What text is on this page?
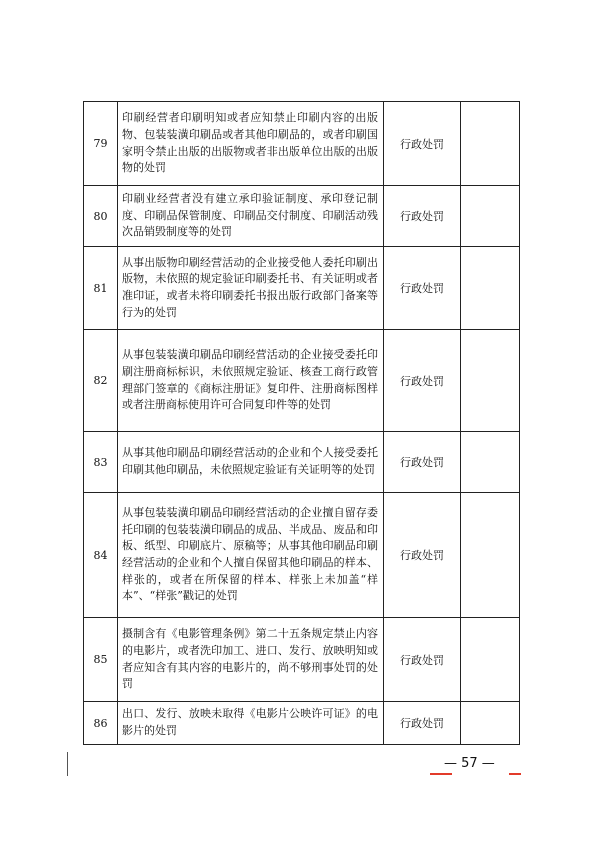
79	印刷经营者印刷明知或者应知禁止印刷内容的出版物、包装装潢印刷品或者其他印刷品的，或者印刷国家明令禁止出版的出版物或者非出版单位出版的出版物的处罚	行政处罚	
80	印刷业经营者没有建立承印验证制度、承印登记制度、印刷品保管制度、印刷品交付制度、印刷活动残次品销毁制度等的处罚	行政处罚	
81	从事出版物印刷经营活动的企业接受他人委托印刷出版物，未依照的规定验证印刷委托书、有关证明或者准印证，或者未将印刷委托书报出版行政部门备案等行为的处罚	行政处罚	
82	从事包装装潢印刷品印刷经营活动的企业接受委托印刷注册商标标识，未依照规定验证、核查工商行政管理部门签章的《商标注册证》复印件、注册商标图样或者注册商标使用许可合同复印件等的处罚	行政处罚	
83	从事其他印刷品印刷经营活动的企业和个人接受委托印刷其他印刷品，未依照规定验证有关证明等的处罚	行政处罚	
84	从事包装装潢印刷品印刷经营活动的企业擅自留存委托印刷的包装装潢印刷品的成品、半成品、废品和印板、纸型、印刷底片、原稿等；从事其他印刷品印刷经营活动的企业和个人擅自保留其他印刷品的样本、样张的，或者在所保留的样本、样张上未加盖“样本”、“样张”戳记的处罚	行政处罚	
85	摄制含有《电影管理条例》第二十五条规定禁止内容的电影片，或者洗印加工、进口、发行、放映明知或者应知含有其内容的电影片的，尚不够刑事处罚的处罚	行政处罚	
86	出口、发行、放映未取得《电影片公映许可证》的电影片的处罚	行政处罚	
— 57 —
